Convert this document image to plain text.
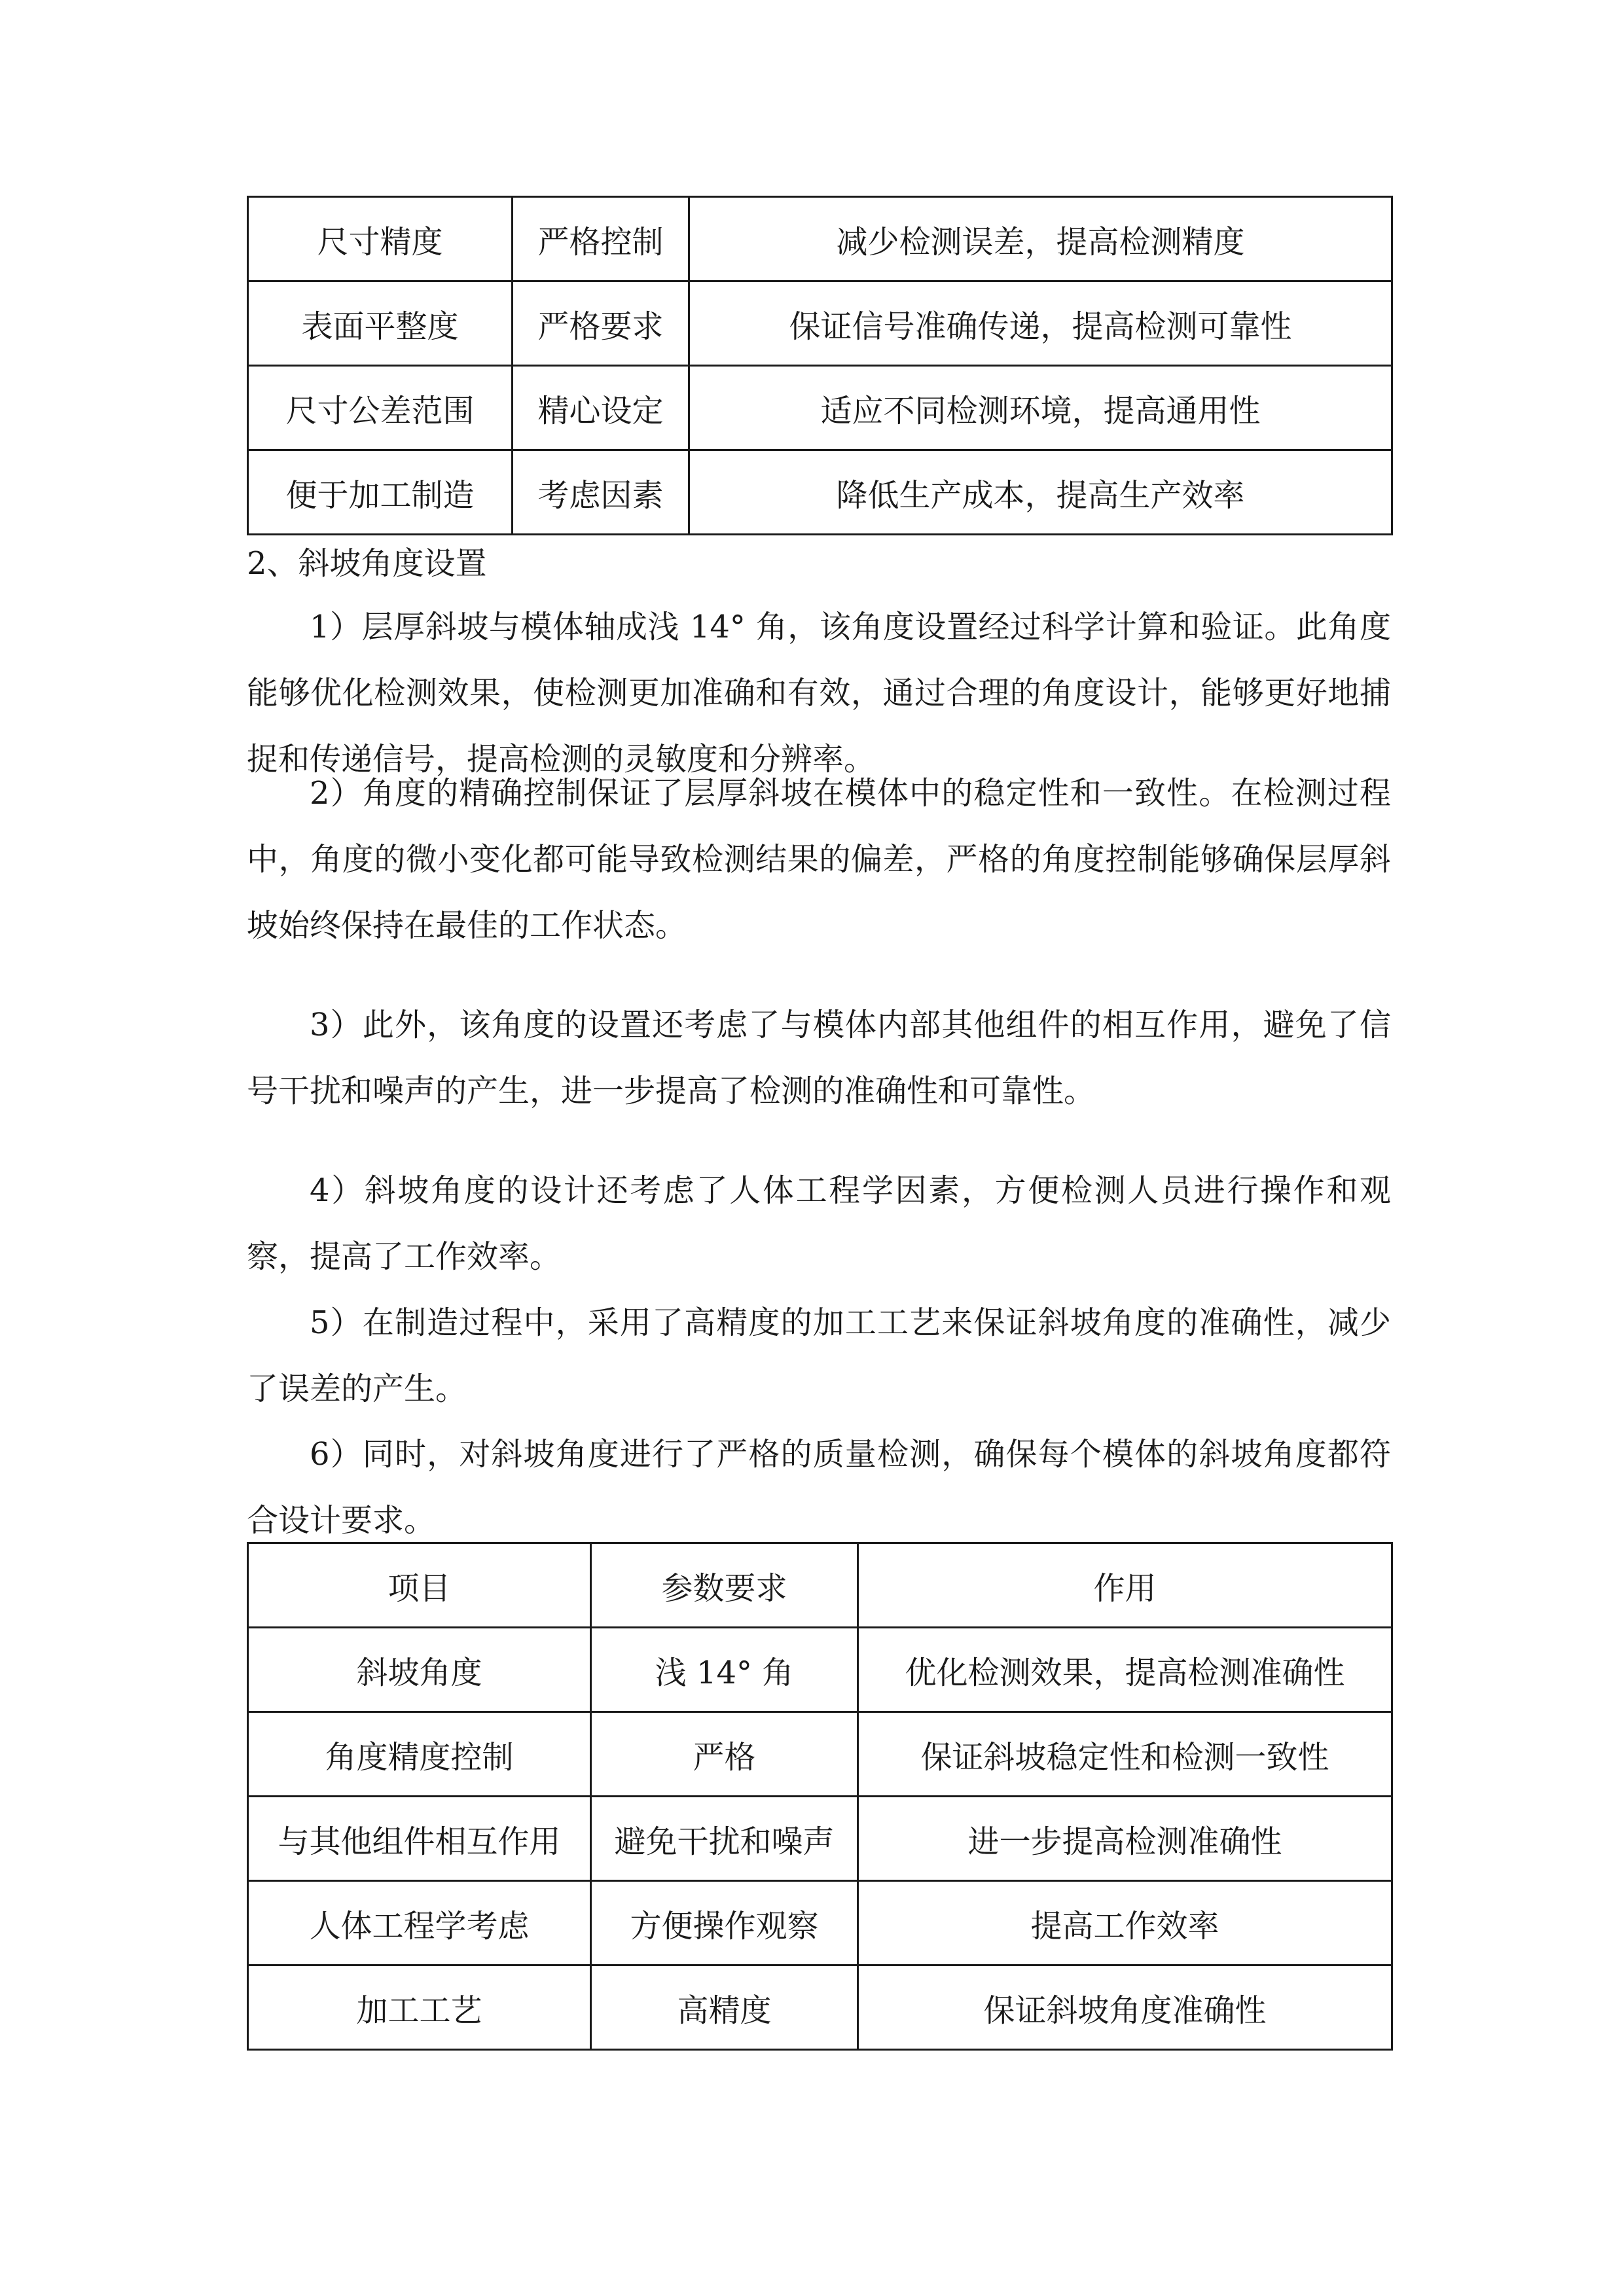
尺寸精度	严格控制	减少检测误差，提高检测精度
表面平整度	严格要求	保证信号准确传递，提高检测可靠性
尺寸公差范围	精心设定	适应不同检测环境，提高通用性
便于加工制造	考虑因素	降低生产成本，提高生产效率
2、斜坡角度设置

1）层厚斜坡与模体轴成浅 14° 角，该角度设置经过科学计算和验证。此角度能够优化检测效果，使检测更加准确和有效，通过合理的角度设计，能够更好地捕捉和传递信号，提高检测的灵敏度和分辨率。

2）角度的精确控制保证了层厚斜坡在模体中的稳定性和一致性。在检测过程中，角度的微小变化都可能导致检测结果的偏差，严格的角度控制能够确保层厚斜坡始终保持在最佳的工作状态。

3）此外，该角度的设置还考虑了与模体内部其他组件的相互作用，避免了信号干扰和噪声的产生，进一步提高了检测的准确性和可靠性。

4）斜坡角度的设计还考虑了人体工程学因素，方便检测人员进行操作和观察，提高了工作效率。

5）在制造过程中，采用了高精度的加工工艺来保证斜坡角度的准确性，减少了误差的产生。

6）同时，对斜坡角度进行了严格的质量检测，确保每个模体的斜坡角度都符合设计要求。

项目	参数要求	作用
斜坡角度	浅 14° 角	优化检测效果，提高检测准确性
角度精度控制	严格	保证斜坡稳定性和检测一致性
与其他组件相互作用	避免干扰和噪声	进一步提高检测准确性
人体工程学考虑	方便操作观察	提高工作效率
加工工艺	高精度	保证斜坡角度准确性
